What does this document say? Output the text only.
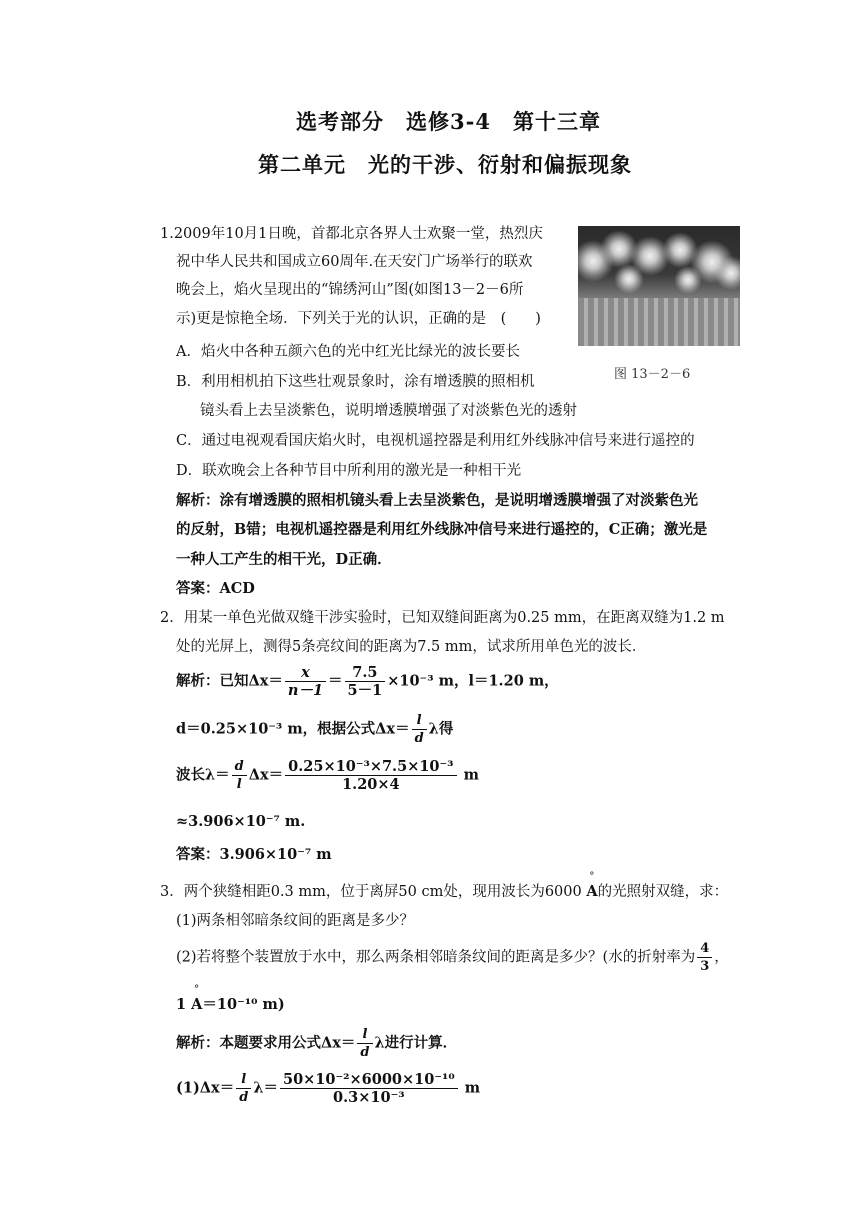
选考部分　选修3-4　第十三章
第二单元　光的干涉、衍射和偏振现象
图 13－2－6
1.2009年10月1日晚，首都北京各界人士欢聚一堂，热烈庆
祝中华人民共和国成立60周年.在天安门广场举行的联欢
晚会上，焰火呈现出的“锦绣河山”图(如图13－2－6所
示)更是惊艳全场．下列关于光的认识，正确的是　(　　)
A．焰火中各种五颜六色的光中红光比绿光的波长要长
B．利用相机拍下这些壮观景象时，涂有增透膜的照相机
镜头看上去呈淡紫色，说明增透膜增强了对淡紫色光的透射
C．通过电视观看国庆焰火时，电视机遥控器是利用红外线脉冲信号来进行遥控的
D．联欢晚会上各种节目中所利用的激光是一种相干光
解析：涂有增透膜的照相机镜头看上去呈淡紫色，是说明增透膜增强了对淡紫色光
的反射，B错；电视机遥控器是利用红外线脉冲信号来进行遥控的，C正确；激光是
一种人工产生的相干光，D正确．
答案：ACD
2．用某一单色光做双缝干涉实验时，已知双缝间距离为0.25 mm，在距离双缝为1.2 m
处的光屏上，测得5条亮纹间的距离为7.5 mm，试求所用单色光的波长．
解析：已知$\Delta x= \frac{x}{n-1} = \frac{7.5}{5-1} \times 10^{-3}$ m，l＝1.20 m，
d＝0.25×10⁻³ m，根据公式$\Delta x= \frac{l}{d}$ λ得
波长$\lambda= \frac{d}{l} \Delta x= \frac{\text{0.25×10⁻³×7.5×10⁻³}}{1.20\times 4}$ m
≈3.906×10⁻⁷ m.
答案：3.906×10⁻⁷ m
3．两个狭缝相距0.3 mm，位于离屏50 cm处，现用波长为6000 ° A的光照射双缝，求：
(1)两条相邻暗条纹间的距离是多少？
(2)若将整个装置放于水中，那么两条相邻暗条纹间的距离是多少？(水的折射率为 $\frac{4}{3}$ ，
1 ° A＝10⁻¹⁰ m)
解析：本题要求用公式$\Delta x= \frac{l}{d}$ λ进行计算．
$(1)\Delta x= \frac{l}{d} \lambda= \frac{\text{50×10⁻²×6000×10⁻¹⁰}}{\text{0.3×10⁻³}}$ m
